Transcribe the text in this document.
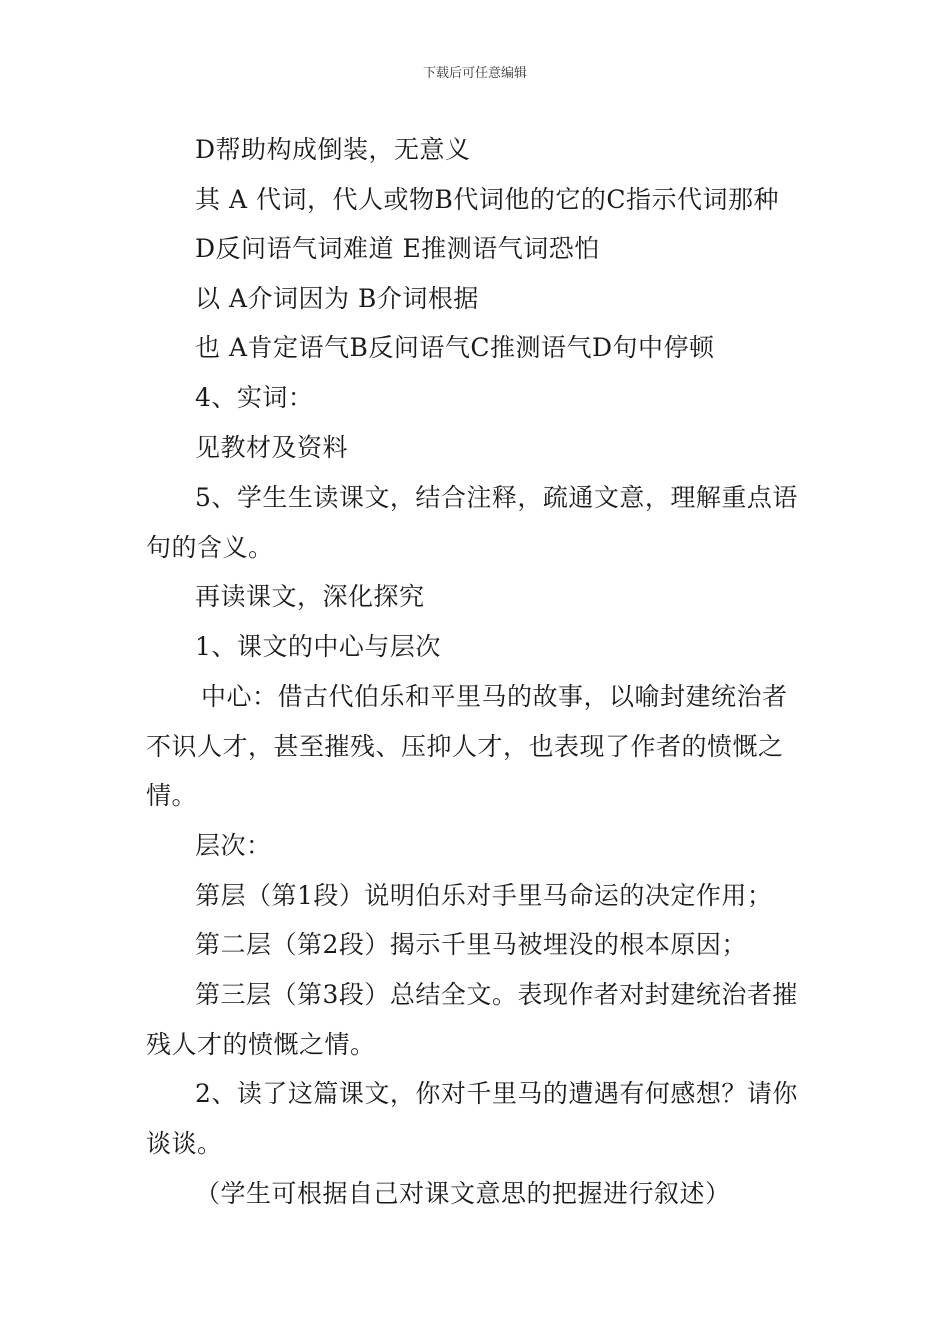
下载后可任意编辑
D帮助构成倒装，无意义
其 A 代词，代人或物B代词他的它的C指示代词那种
D反问语气词难道 E推测语气词恐怕
以 A介词因为 B介词根据
也 A肯定语气B反问语气C推测语气D句中停顿
4、实词：
见教材及资料
5、学生生读课文，结合注释，疏通文意，理解重点语
句的含义。
再读课文，深化探究
1、课文的中心与层次
中心：借古代伯乐和平里马的故事，以喻封建统治者
不识人才，甚至摧残、压抑人才，也表现了作者的愤慨之
情。
层次：
第层（第1段）说明伯乐对手里马命运的决定作用；
第二层（第2段）揭示千里马被埋没的根本原因；
第三层（第3段）总结全文。表现作者对封建统治者摧
残人才的愤慨之情。
2、读了这篇课文，你对千里马的遭遇有何感想？请你
谈谈。
（学生可根据自己对课文意思的把握进行叙述）
